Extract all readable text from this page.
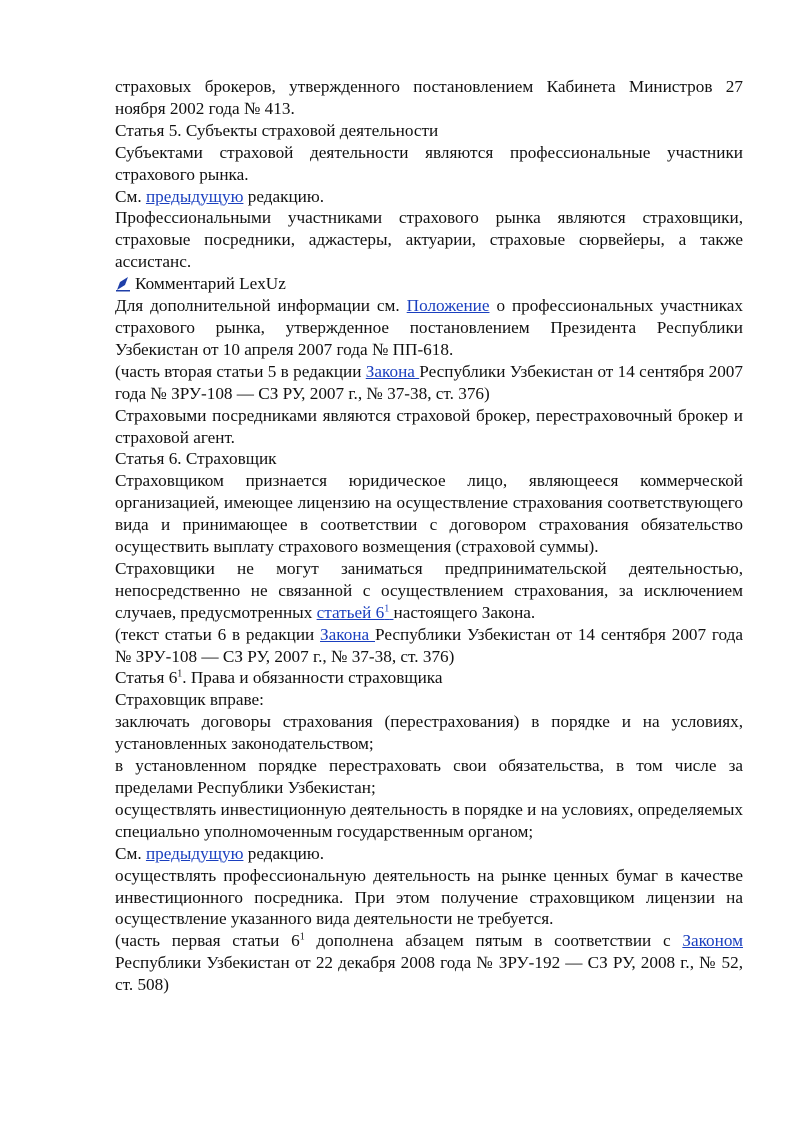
страховых брокеров, утвержденного постановлением Кабинета Министров 27 ноября 2002 года № 413.

Статья 5. Субъекты страховой деятельности

Субъектами страховой деятельности являются профессиональные участники страхового рынка.

См. предыдущую редакцию.

Профессиональными участниками страхового рынка являются страховщики, страховые посредники, аджастеры, актуарии, страховые сюрвейеры, а также ассистанс.

Комментарий LexUz

Для дополнительной информации см. Положение о профессиональных участниках страхового рынка, утвержденное постановлением Президента Республики Узбекистан от 10 апреля 2007 года № ПП-618.

(часть вторая статьи 5 в редакции Закона Республики Узбекистан от 14 сентября 2007 года № ЗРУ-108 — СЗ РУ, 2007 г., № 37-38, ст. 376)

Страховыми посредниками являются страховой брокер, перестраховочный брокер и страховой агент.

Статья 6. Страховщик

Страховщиком признается юридическое лицо, являющееся коммерческой организацией, имеющее лицензию на осуществление страхования соответствующего вида и принимающее в соответствии с договором страхования обязательство осуществить выплату страхового возмещения (страховой суммы).

Страховщики не могут заниматься предпринимательской деятельностью, непосредственно не связанной с осуществлением страхования, за исключением случаев, предусмотренных статьей $6^1$ настоящего Закона.

(текст статьи 6 в редакции Закона Республики Узбекистан от 14 сентября 2007 года № ЗРУ-108 — СЗ РУ, 2007 г., № 37-38, ст. 376)

Статья $6^1$. Права и обязанности страховщика

Страховщик вправе:

заключать договоры страхования (перестрахования) в порядке и на условиях, установленных законодательством;

в установленном порядке перестраховать свои обязательства, в том числе за пределами Республики Узбекистан;

осуществлять инвестиционную деятельность в порядке и на условиях, определяемых специально уполномоченным государственным органом;

См. предыдущую редакцию.

осуществлять профессиональную деятельность на рынке ценных бумаг в качестве инвестиционного посредника. При этом получение страховщиком лицензии на осуществление указанного вида деятельности не требуется.

(часть первая статьи $6^1$ дополнена абзацем пятым в соответствии с Законом Республики Узбекистан от 22 декабря 2008 года № ЗРУ-192 — СЗ РУ, 2008 г., № 52, ст. 508)
